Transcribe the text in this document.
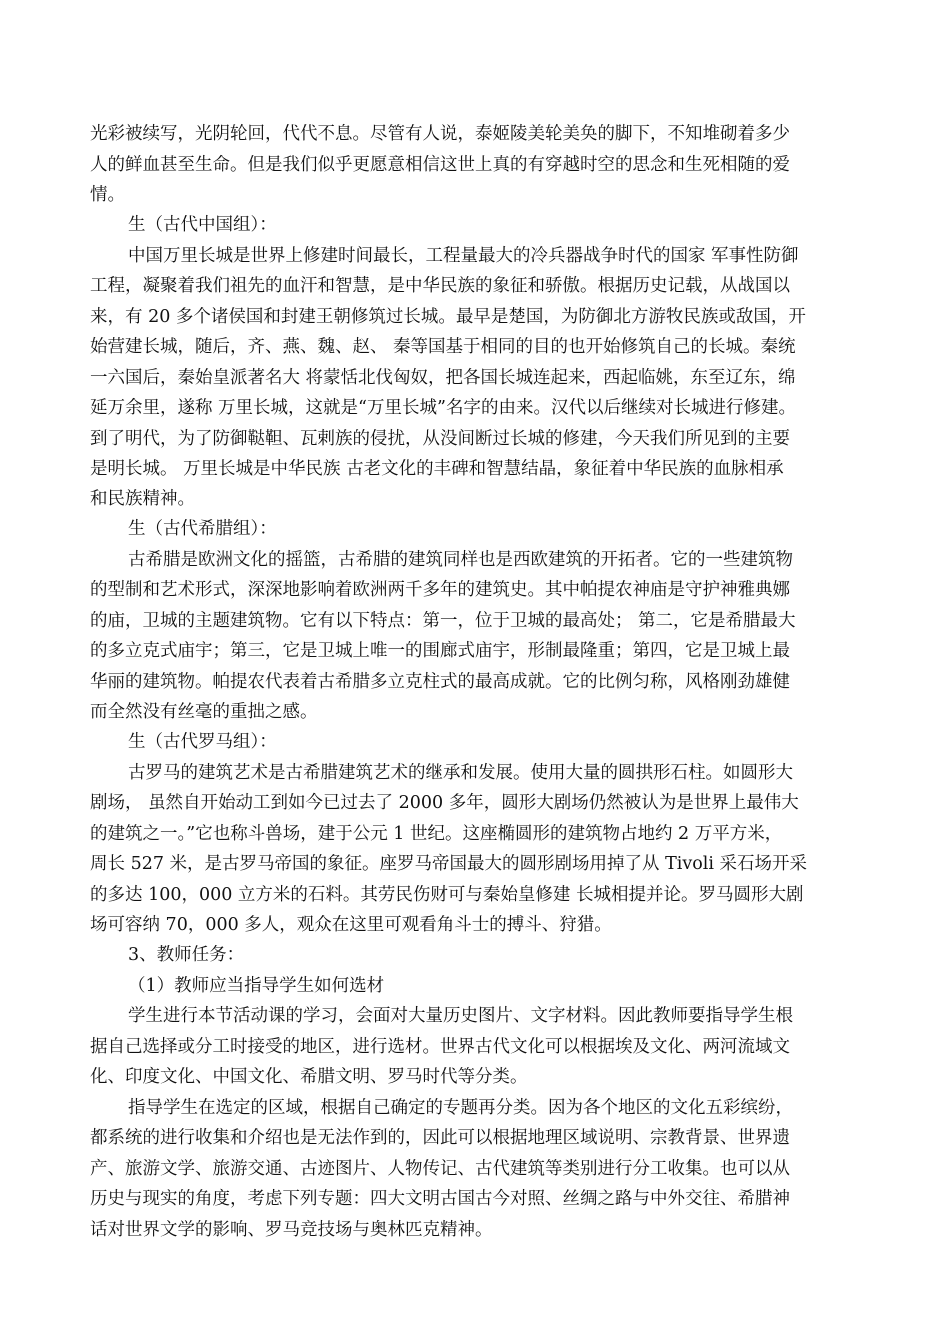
光彩被续写，光阴轮回，代代不息。尽管有人说，泰姬陵美轮美奂的脚下，不知堆砌着多少
人的鲜血甚至生命。但是我们似乎更愿意相信这世上真的有穿越时空的思念和生死相随的爱
情。
生（古代中国组）：
中国万里长城是世界上修建时间最长，工程量最大的冷兵器战争时代的国家 军事性防御
工程，凝聚着我们祖先的血汗和智慧，是中华民族的象征和骄傲。根据历史记载，从战国以
来，有 20 多个诸侯国和封建王朝修筑过长城。最早是楚国，为防御北方游牧民族或敌国，开
始营建长城，随后，齐、燕、魏、赵、 秦等国基于相同的目的也开始修筑自己的长城。秦统
一六国后，秦始皇派著名大 将蒙恬北伐匈奴，把各国长城连起来，西起临姚，东至辽东，绵
延万余里，遂称 万里长城，这就是“万里长城”名字的由来。汉代以后继续对长城进行修建。
到了明代，为了防御鞑靼、瓦剌族的侵扰，从没间断过长城的修建，今天我们所见到的主要
是明长城。 万里长城是中华民族 古老文化的丰碑和智慧结晶，象征着中华民族的血脉相承
和民族精神。
生（古代希腊组）：
古希腊是欧洲文化的摇篮，古希腊的建筑同样也是西欧建筑的开拓者。它的一些建筑物
的型制和艺术形式，深深地影响着欧洲两千多年的建筑史。其中帕提农神庙是守护神雅典娜
的庙，卫城的主题建筑物。它有以下特点：第一，位于卫城的最高处； 第二，它是希腊最大
的多立克式庙宇；第三，它是卫城上唯一的围廊式庙宇，形制最隆重；第四，它是卫城上最
华丽的建筑物。帕提农代表着古希腊多立克柱式的最高成就。它的比例匀称，风格刚劲雄健
而全然没有丝毫的重拙之感。
生（古代罗马组）：
古罗马的建筑艺术是古希腊建筑艺术的继承和发展。使用大量的圆拱形石柱。如圆形大
剧场， 虽然自开始动工到如今已过去了 2000 多年，圆形大剧场仍然被认为是世界上最伟大
的建筑之一。”它也称斗兽场，建于公元 1 世纪。这座椭圆形的建筑物占地约 2 万平方米，
周长 527 米，是古罗马帝国的象征。座罗马帝国最大的圆形剧场用掉了从 Tivoli 采石场开采
的多达 100，000 立方米的石料。其劳民伤财可与秦始皇修建 长城相提并论。罗马圆形大剧
场可容纳 70，000 多人，观众在这里可观看角斗士的搏斗、狩猎。
3、教师任务：
（1）教师应当指导学生如何选材
学生进行本节活动课的学习，会面对大量历史图片、文字材料。因此教师要指导学生根
据自己选择或分工时接受的地区，进行选材。世界古代文化可以根据埃及文化、两河流域文
化、印度文化、中国文化、希腊文明、罗马时代等分类。
指导学生在选定的区域，根据自己确定的专题再分类。因为各个地区的文化五彩缤纷，
都系统的进行收集和介绍也是无法作到的，因此可以根据地理区域说明、宗教背景、世界遗
产、旅游文学、旅游交通、古迹图片、人物传记、古代建筑等类别进行分工收集。也可以从
历史与现实的角度，考虑下列专题：四大文明古国古今对照、丝绸之路与中外交往、希腊神
话对世界文学的影响、罗马竞技场与奥林匹克精神。
